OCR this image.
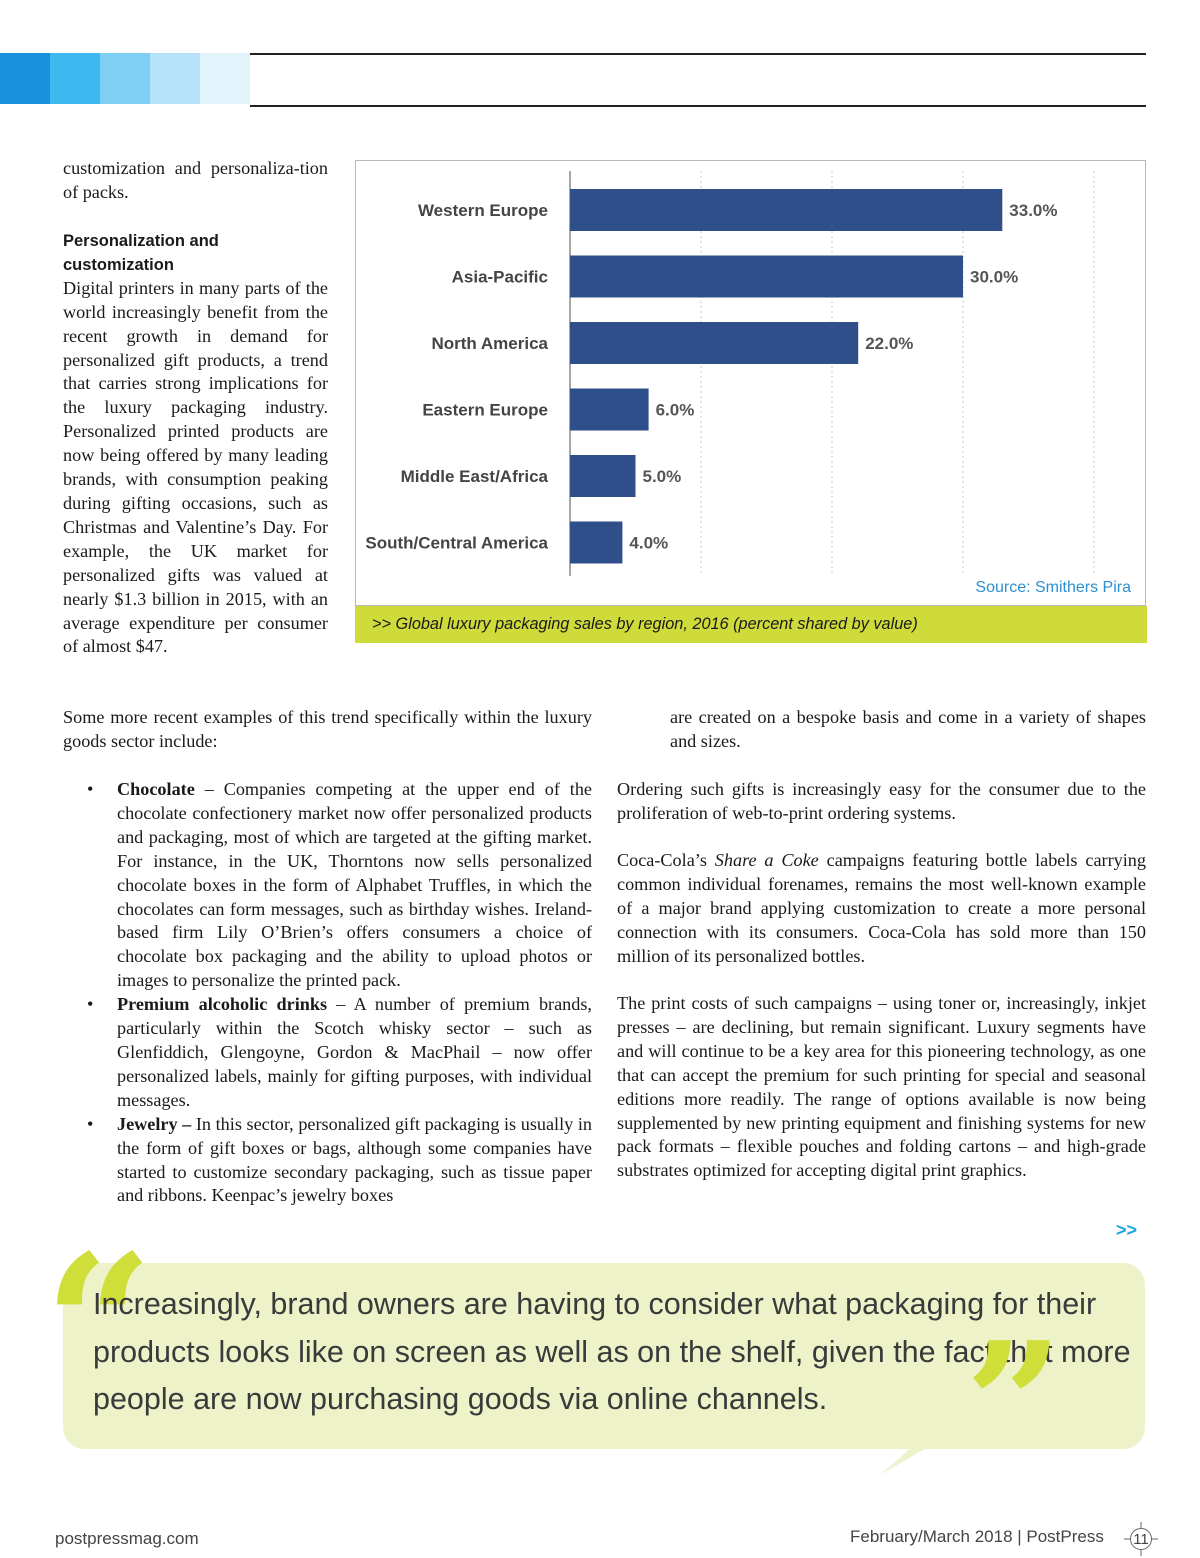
customization and personaliza-tion of packs.

Personalization and customization

Digital printers in many parts of the world increasingly benefit from the recent growth in demand for personalized gift products, a trend that carries strong implications for the luxury packaging industry. Personalized printed products are now being offered by many leading brands, with consumption peaking during gifting occasions, such as Christmas and Valentine’s Day. For example, the UK market for personalized gifts was valued at nearly $1.3 billion in 2015, with an average expenditure per consumer of almost $47.

Western Europe	33.0%
Asia-Pacific	30.0%
North America	22.0%
Eastern Europe	6.0%
Middle East/Africa	5.0%
South/Central America	4.0%
Source: Smithers Pira
>> Global luxury packaging sales by region, 2016 (percent shared by value)

Some more recent examples of this trend specifically within the luxury goods sector include:

• Chocolate – Companies competing at the upper end of the chocolate confectionery market now offer personalized products and packaging, most of which are targeted at the gifting market. For instance, in the UK, Thorntons now sells personalized chocolate boxes in the form of Alphabet Truffles, in which the chocolates can form messages, such as birthday wishes. Ireland-based firm Lily O’Brien’s offers consumers a choice of chocolate box packaging and the ability to upload photos or images to personalize the printed pack.
• Premium alcoholic drinks – A number of premium brands, particularly within the Scotch whisky sector – such as Glenfiddich, Glengoyne, Gordon & MacPhail – now offer personalized labels, mainly for gifting purposes, with individual messages.
• Jewelry – In this sector, personalized gift packaging is usually in the form of gift boxes or bags, although some companies have started to customize secondary packaging, such as tissue paper and ribbons. Keenpac’s jewelry boxes

are created on a bespoke basis and come in a variety of shapes and sizes.

Ordering such gifts is increasingly easy for the consumer due to the proliferation of web-to-print ordering systems.

Coca-Cola’s Share a Coke campaigns featuring bottle labels carrying common individual forenames, remains the most well-known example of a major brand applying customization to create a more personal connection with its consumers. Coca-Cola has sold more than 150 million of its personalized bottles.

The print costs of such campaigns – using toner or, increasingly, inkjet presses – are declining, but remain significant. Luxury segments have and will continue to be a key area for this pioneering technology, as one that can accept the premium for such printing for special and seasonal editions more readily. The range of options available is now being supplemented by new printing equipment and finishing systems for new pack formats – flexible pouches and folding cartons – and high-grade substrates optimized for accepting digital print graphics.

>>
“

Increasingly, brand owners are having to consider what packaging for their products looks like on screen as well as on the shelf, given the fact that more people are now purchasing goods via online channels. ”
postpressmag.com	February/March 2018 | PostPress 11
